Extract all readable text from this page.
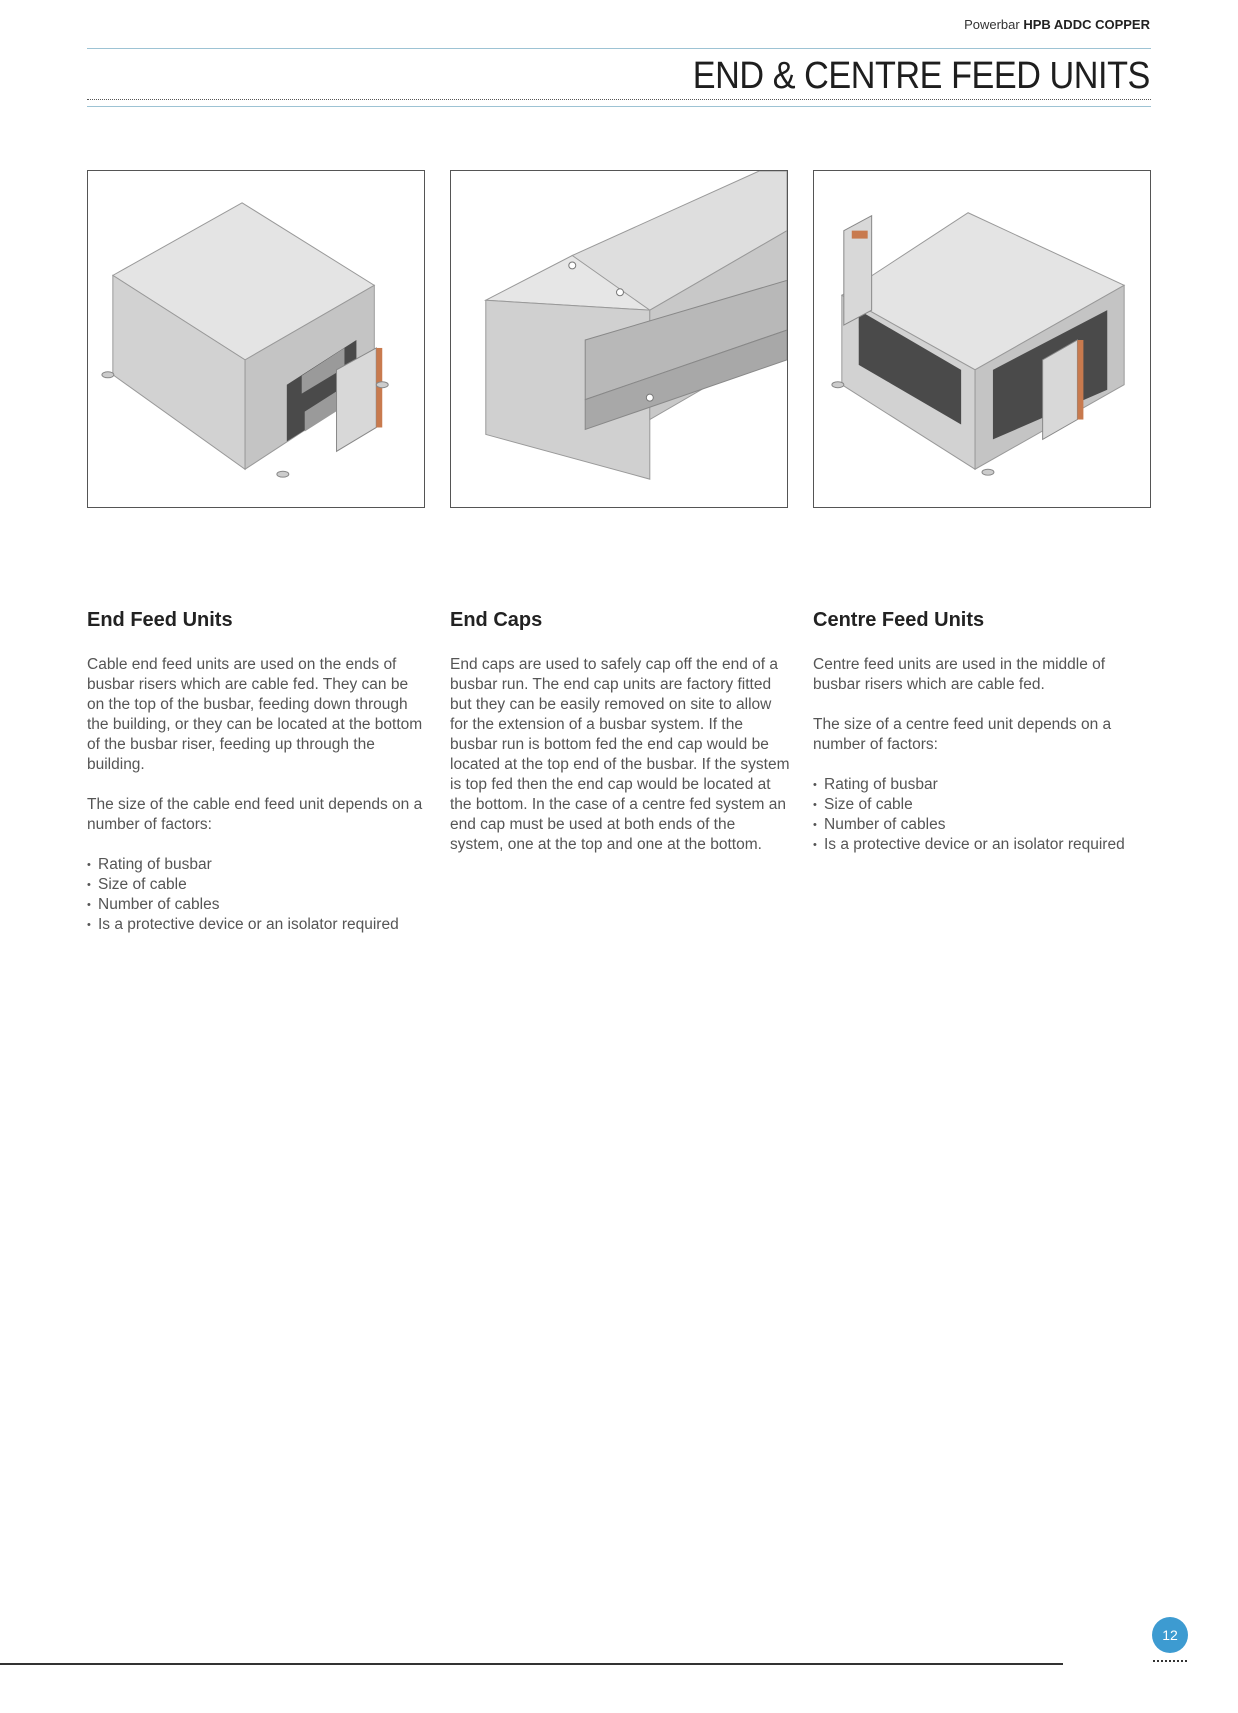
Powerbar HPB ADDC COPPER
END & CENTRE FEED UNITS
End Feed Units

Cable end feed units are used on the ends of busbar risers which are cable fed. They can be on the top of the busbar, feeding down through the building, or they can be located at the bottom of the busbar riser, feeding up through the building.

The size of the cable end feed unit depends on a number of factors:

• Rating of busbar
• Size of cable
• Number of cables
• Is a protective device or an isolator required
End Caps

End caps are used to safely cap off the end of a busbar run. The end cap units are factory fitted but they can be easily removed on site to allow for the extension of a busbar system. If the busbar run is bottom fed the end cap would be located at the top end of the busbar. If the system is top fed then the end cap would be located at the bottom. In the case of a centre fed system an end cap must be used at both ends of the system, one at the top and one at the bottom.

Centre Feed Units

Centre feed units are used in the middle of busbar risers which are cable fed.

The size of a centre feed unit depends on a number of factors:

• Rating of busbar
• Size of cable
• Number of cables
• Is a protective device or an isolator required
12
